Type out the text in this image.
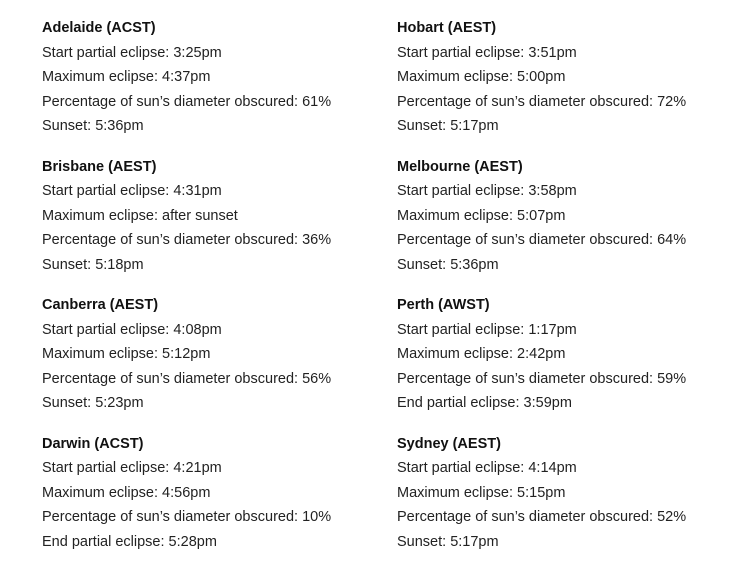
Adelaide (ACST)

Start partial eclipse: 3:25pm

Maximum eclipse: 4:37pm

Percentage of sun’s diameter obscured: 61%

Sunset: 5:36pm

Brisbane (AEST)

Start partial eclipse: 4:31pm

Maximum eclipse: after sunset

Percentage of sun’s diameter obscured: 36%

Sunset: 5:18pm

Canberra (AEST)

Start partial eclipse: 4:08pm

Maximum eclipse: 5:12pm

Percentage of sun’s diameter obscured: 56%

Sunset: 5:23pm

Darwin (ACST)

Start partial eclipse: 4:21pm

Maximum eclipse: 4:56pm

Percentage of sun’s diameter obscured: 10%

End partial eclipse: 5:28pm

Hobart (AEST)

Start partial eclipse: 3:51pm

Maximum eclipse: 5:00pm

Percentage of sun’s diameter obscured: 72%

Sunset: 5:17pm

Melbourne (AEST)

Start partial eclipse: 3:58pm

Maximum eclipse: 5:07pm

Percentage of sun’s diameter obscured: 64%

Sunset: 5:36pm

Perth (AWST)

Start partial eclipse: 1:17pm

Maximum eclipse: 2:42pm

Percentage of sun’s diameter obscured: 59%

End partial eclipse: 3:59pm

Sydney (AEST)

Start partial eclipse: 4:14pm

Maximum eclipse: 5:15pm

Percentage of sun’s diameter obscured: 52%

Sunset: 5:17pm
